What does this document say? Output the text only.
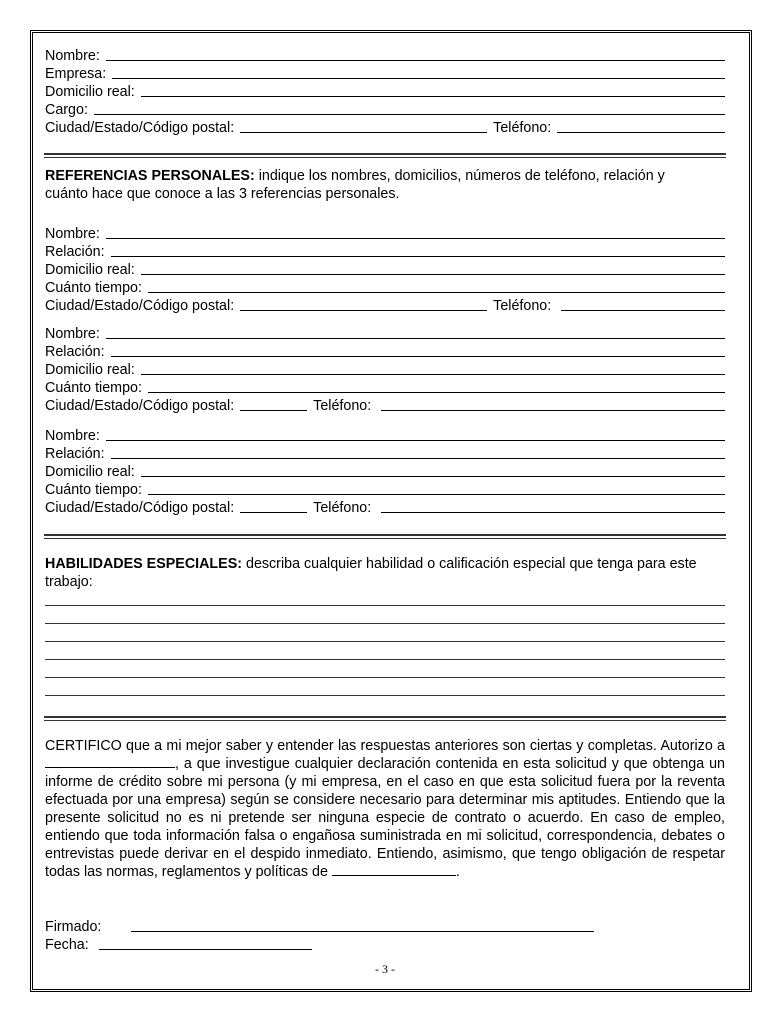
Nombre:
Empresa:
Domicilio real:
Cargo:
Ciudad/Estado/Código postal:	Teléfono:
REFERENCIAS PERSONALES: indique los nombres, domicilios, números de teléfono, relación y
cuánto hace que conoce a las 3 referencias personales.
Nombre:
Relación:
Domicilio real:
Cuánto tiempo:
Ciudad/Estado/Código postal:	Teléfono:
Nombre:
Relación:
Domicilio real:
Cuánto tiempo:
Ciudad/Estado/Código postal:	Teléfono:
Nombre:
Relación:
Domicilio real:
Cuánto tiempo:
Ciudad/Estado/Código postal:	Teléfono:
HABILIDADES ESPECIALES: describa cualquier habilidad o calificación especial que tenga para este trabajo:
CERTIFICO que a mi mejor saber y entender las respuestas anteriores son ciertas y completas. Autorizo a , a que investigue cualquier declaración contenida en esta solicitud y que obtenga un informe de crédito sobre mi persona (y mi empresa, en el caso en que esta solicitud fuera por la reventa efectuada por una empresa) según se considere necesario para determinar mis aptitudes. Entiendo que la presente solicitud no es ni pretende ser ninguna especie de contrato o acuerdo. En caso de empleo, entiendo que toda información falsa o engañosa suministrada en mi solicitud, correspondencia, debates o entrevistas puede derivar en el despido inmediato. Entiendo, asimismo, que tengo obligación de respetar todas las normas, reglamentos y políticas de	.
Firmado:
Fecha:
- 3 -
